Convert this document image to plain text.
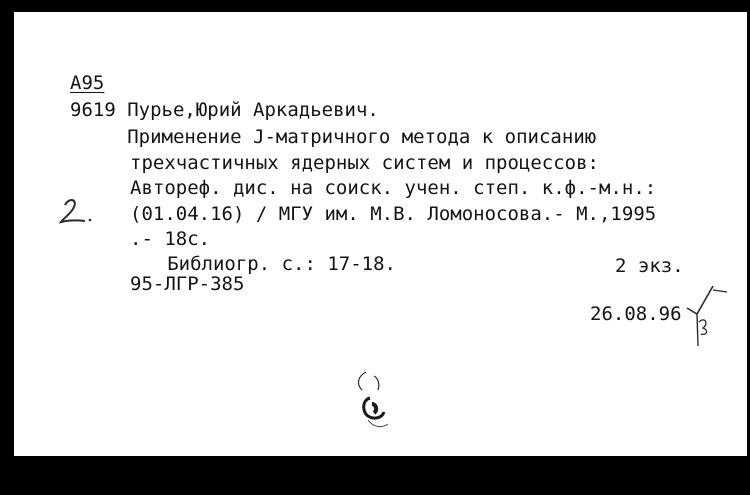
А95
9619 Пурье,Юрий Аркадьевич.
Применение J-матричного метода к описанию
трехчастичных ядерных систем и процессов:
Автореф. дис. на соиск. учен. степ. к.ф.-м.н.:
(01.04.16) / МГУ им. М.В. Ломоносова.- М.,1995
.- 18с.
Библиогр. с.: 17-18.
95-ЛГР-385
2 экз.
26.08.96
